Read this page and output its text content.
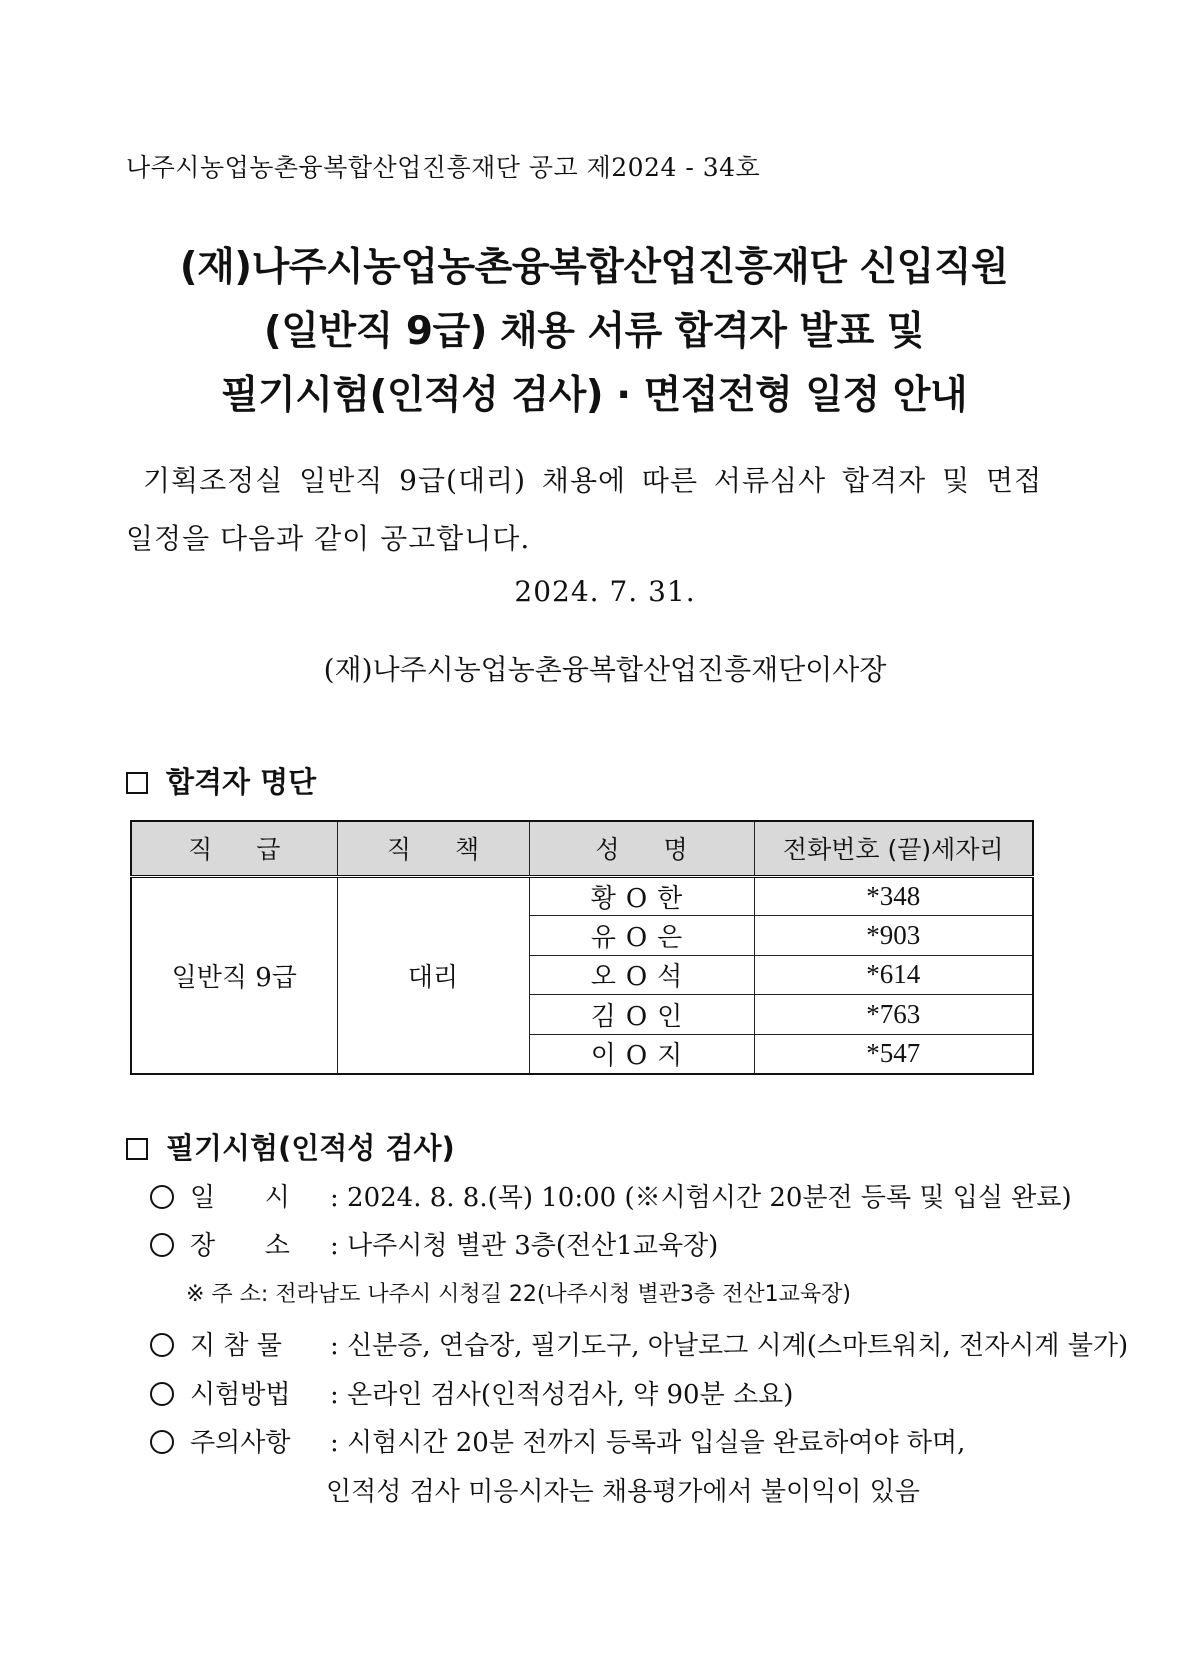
나주시농업농촌융복합산업진흥재단 공고 제2024 - 34호
(재)나주시농업농촌융복합산업진흥재단 신입직원
(일반직 9급) 채용 서류 합격자 발표 및
필기시험(인적성 검사) · 면접전형 일정 안내
기획조정실 일반직 9급(대리) 채용에 따른 서류심사 합격자 및 면접
일정을 다음과 같이 공고합니다.
2024. 7. 31.
(재)나주시농업농촌융복합산업진흥재단이사장
합격자 명단
직 급	직 책	성 명	전화번호 (끝)세자리
일반직 9급	대리	황O한	*348
		유O은	*903
		오O석	*614
		김O인	*763
		이O지	*547
필기시험(인적성 검사)
일      시 : 2024. 8. 8.(목) 10:00 (※시험시간 20분전 등록 및 입실 완료)
장      소 : 나주시청 별관 3층(전산1교육장)
※ 주 소: 전라남도 나주시 시청길 22(나주시청 별관3층 전산1교육장)
지 참 물 : 신분증, 연습장, 필기도구, 아날로그 시계(스마트워치, 전자시계 불가)
시험방법 : 온라인 검사(인적성검사, 약 90분 소요)
주의사항 : 시험시간 20분 전까지 등록과 입실을 완료하여야 하며,
인적성 검사 미응시자는 채용평가에서 불이익이 있음
